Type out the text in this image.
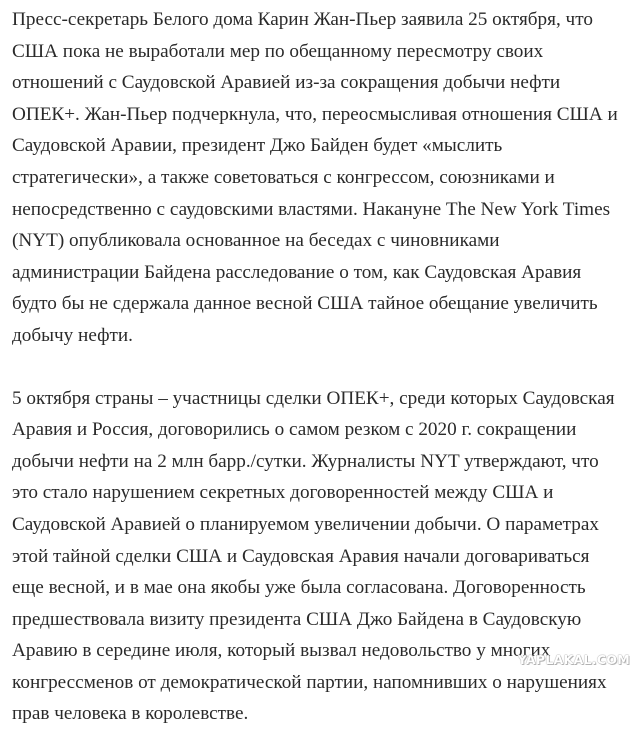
Пресс-секретарь Белого дома Карин Жан-Пьер заявила 25 октября, что
США пока не выработали мер по обещанному пересмотру своих
отношений с Саудовской Аравией из-за сокращения добычи нефти
ОПЕК+. Жан-Пьер подчеркнула, что, переосмысливая отношения США и
Саудовской Аравии, президент Джо Байден будет «мыслить
стратегически», а также советоваться с конгрессом, союзниками и
непосредственно с саудовскими властями. Накануне The New York Times
(NYT) опубликовала основанное на беседах с чиновниками
администрации Байдена расследование о том, как Саудовская Аравия
будто бы не сдержала данное весной США тайное обещание увеличить
добычу нефти.

5 октября страны – участницы сделки ОПЕК+, среди которых Саудовская
Аравия и Россия, договорились о самом резком с 2020 г. сокращении
добычи нефти на 2 млн барр./сутки. Журналисты NYT утверждают, что
это стало нарушением секретных договоренностей между США и
Саудовской Аравией о планируемом увеличении добычи. О параметрах
этой тайной сделки США и Саудовская Аравия начали договариваться
еще весной, и в мае она якобы уже была согласована. Договоренность
предшествовала визиту президента США Джо Байдена в Саудовскую
Аравию в середине июля, который вызвал недовольство у многих
конгрессменов от демократической партии, напомнивших о нарушениях
прав человека в королевстве.

YAPLAKAL.COM
